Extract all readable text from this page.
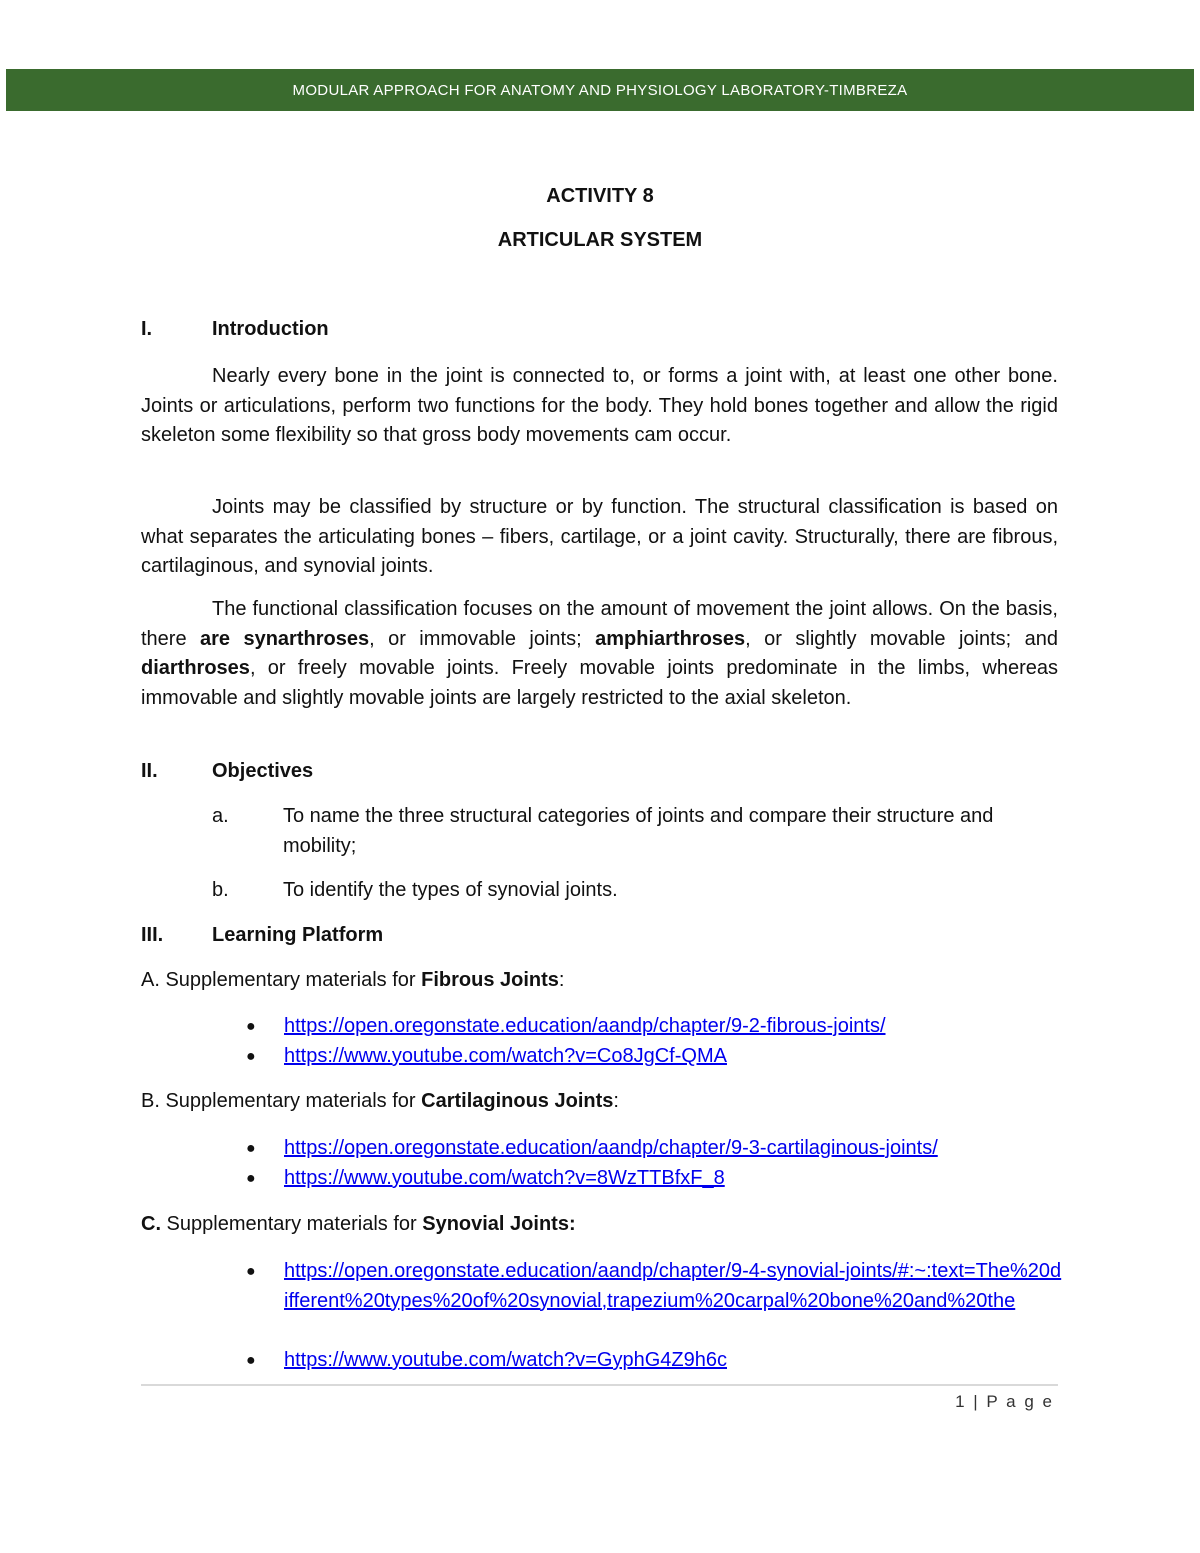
MODULAR APPROACH FOR ANATOMY AND PHYSIOLOGY LABORATORY-TIMBREZA
ACTIVITY 8
ARTICULAR SYSTEM
I.	Introduction
Nearly every bone in the joint is connected to, or forms a joint with, at least one other bone. Joints or articulations, perform two functions for the body. They hold bones together and allow the rigid skeleton some flexibility so that gross body movements cam occur.
Joints may be classified by structure or by function. The structural classification is based on what separates the articulating bones – fibers, cartilage, or a joint cavity. Structurally, there are fibrous, cartilaginous, and synovial joints.
The functional classification focuses on the amount of movement the joint allows. On the basis, there are synarthroses, or immovable joints; amphiarthroses, or slightly movable joints; and diarthroses, or freely movable joints. Freely movable joints predominate in the limbs, whereas immovable and slightly movable joints are largely restricted to the axial skeleton.
II.	Objectives
a.	To name the three structural categories of joints and compare their structure and mobility;
b.	To identify the types of synovial joints.
III. Learning Platform
A. Supplementary materials for Fibrous Joints:
● https://open.oregonstate.education/aandp/chapter/9-2-fibrous-joints/
● https://www.youtube.com/watch?v=Co8JgCf-QMA
B. Supplementary materials for Cartilaginous Joints:
● https://open.oregonstate.education/aandp/chapter/9-3-cartilaginous-joints/
● https://www.youtube.com/watch?v=8WzTTBfxF_8
C. Supplementary materials for Synovial Joints:
● https://open.oregonstate.education/aandp/chapter/9-4-synovial-joints/#:~:text=The%20different%20types%20of%20synovial,trapezium%20carpal%20bone%20and%20the
● https://www.youtube.com/watch?v=GyphG4Z9h6c
1 | P a g e
